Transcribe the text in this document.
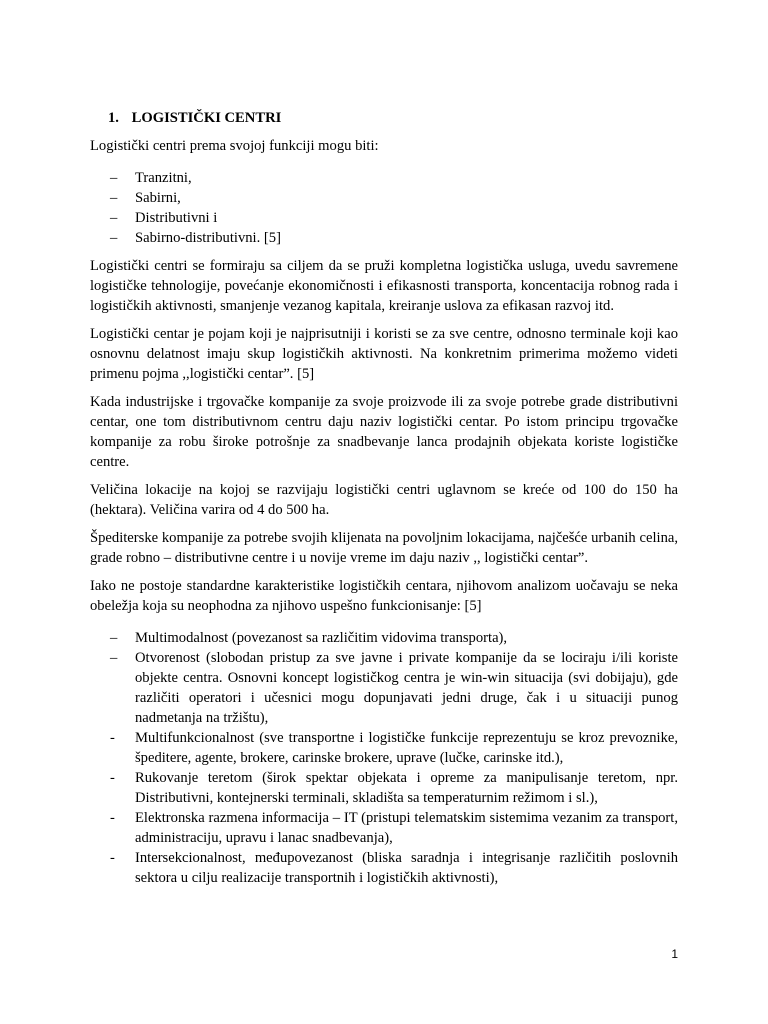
1. LOGISTIČKI CENTRI

Logistički centri prema svojoj funkciji mogu biti:

–	Tranzitni,
–	Sabirni,
–	Distributivni i
–	Sabirno-distributivni. [5]

Logistički centri se formiraju sa ciljem da se pruži kompletna logistička usluga, uvedu savremene logističke tehnologije, povećanje ekonomičnosti i efikasnosti transporta, koncentacija robnog rada i logističkih aktivnosti, smanjenje vezanog kapitala, kreiranje uslova za efikasan razvoj itd.

Logistički centar je pojam koji je najprisutniji i koristi se za sve centre, odnosno terminale koji kao osnovnu delatnost imaju skup logističkih aktivnosti. Na konkretnim primerima možemo videti primenu pojma ,,logistički centar”. [5]

Kada industrijske i trgovačke kompanije za svoje proizvode ili za svoje potrebe grade distributivni centar, one tom distributivnom centru daju naziv logistički centar. Po istom principu trgovačke kompanije za robu široke potrošnje za snadbevanje lanca prodajnih objekata koriste logističke centre.

Veličina lokacije na kojoj se razvijaju logistički centri uglavnom se kreće od 100 do 150 ha (hektara). Veličina varira od 4 do 500 ha.

Špediterske kompanije za potrebe svojih klijenata na povoljnim lokacijama, najčešće urbanih celina, grade robno – distributivne centre i u novije vreme im daju naziv ,, logistički centar”.

Iako ne postoje standardne karakteristike logističkih centara, njihovom analizom uočavaju se neka obeležja koja su neophodna za njihovo uspešno funkcionisanje: [5]

–	Multimodalnost (povezanost sa različitim vidovima transporta),
–	Otvorenost (slobodan pristup za sve javne i private kompanije da se lociraju i/ili koriste objekte centra. Osnovni koncept logističkog centra je win-win situacija (svi dobijaju), gde različiti operatori i učesnici mogu dopunjavati jedni druge, čak i u situaciji punog nadmetanja na tržištu),
-	Multifunkcionalnost (sve transportne i logističke funkcije reprezentuju se kroz prevoznike, špeditere, agente, brokere, carinske brokere, uprave (lučke, carinske itd.),
-	Rukovanje teretom (širok spektar objekata i opreme za manipulisanje teretom, npr. Distributivni, kontejnerski terminali, skladišta sa temperaturnim režimom i sl.),
-	Elektronska razmena informacija – IT (pristupi telematskim sistemima vezanim za transport, administraciju, upravu i lanac snadbevanja),
-	Intersekcionalnost, međupovezanost (bliska saradnja i integrisanje različitih poslovnih sektora u cilju realizacije transportnih i logističkih aktivnosti),
1
